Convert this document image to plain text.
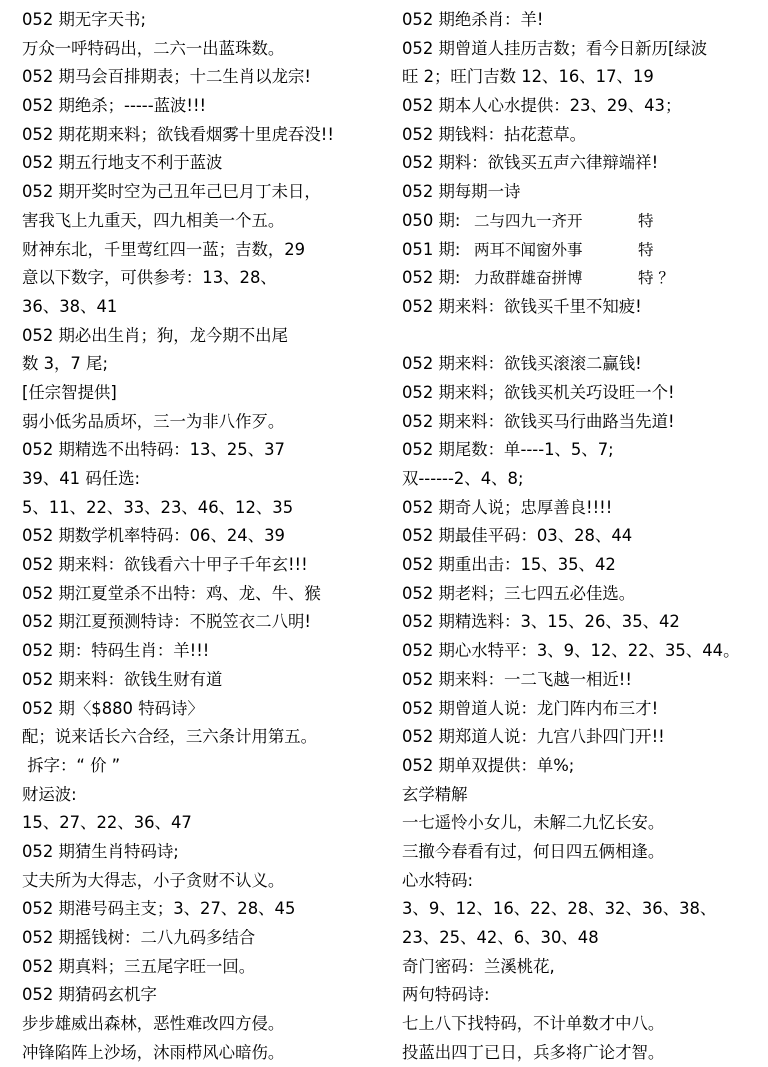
052 期无字天书;
万众一呼特码出，二六一出蓝珠数。
052 期马会百排期表；十二生肖以龙宗!
052 期绝杀；-----蓝波!!!
052 期花期来料；欲钱看烟雾十里虎吞没!!
052 期五行地支不利于蓝波
052 期开奖时空为己丑年己巳月丁未日，
害我飞上九重天，四九相美一个五。
财神东北，千里莺红四一蓝；吉数，29
意以下数字，可供参考：13、28、
36、38、41
052 期必出生肖；狗，龙今期不出尾
数 3，7 尾;
[任宗智提供]
弱小低劣品质坏，三一为非八作歹。
052 期精选不出特码：13、25、37
39、41 码任选:
5、11、22、33、23、46、12、35
052 期数学机率特码：06、24、39
052 期来料：欲钱看六十甲子千年玄!!!
052 期江夏堂杀不出特：鸡、龙、牛、猴
052 期江夏预测特诗：不脱笠衣二八明!
052 期：特码生肖：羊!!!
052 期来料：欲钱生财有道
052 期〈$880 特码诗〉
配；说来话长六合经，三六条计用第五。
拆字：“ 价 ”
财运波:
15、27、22、36、47
052 期猜生肖特码诗;
丈夫所为大得志，小子贪财不认义。
052 期港号码主支；3、27、28、45
052 期摇钱树：二八九码多结合
052 期真料；三五尾字旺一回。
052 期猜码玄机字
步步雄威出森林，恶性难改四方侵。
冲锋陷阵上沙场，沐雨栉风心暗伤。
052 期绝杀肖：羊!
052 期曾道人挂历吉数；看今日新历[绿波
旺 2；旺门吉数 12、16、17、19
052 期本人心水提供：23、29、43；
052 期钱料：拈花惹草。
052 期料：欲钱买五声六律辩端祥!
052 期每期一诗
050 期: 二与四九一齐开	特
051 期: 两耳不闻窗外事	特
052 期: 力敌群雄奋拼博	特 ？
052 期来料：欲钱买千里不知疲!
052 期来料：欲钱买滚滚二赢钱!
052 期来料；欲钱买机关巧设旺一个!
052 期来料：欲钱买马行曲路当先道!
052 期尾数：单----1、5、7;
双------2、4、8;
052 期奇人说；忠厚善良!!!!
052 期最佳平码：03、28、44
052 期重出击：15、35、42
052 期老料；三七四五必佳选。
052 期精选料：3、15、26、35、42
052 期心水特平：3、9、12、22、35、44。
052 期来料：一二飞越一相近!!
052 期曾道人说：龙门阵内布三才!
052 期郑道人说：九宫八卦四门开!!
052 期单双提供：单%;
玄学精解
一七遥怜小女儿，未解二九忆长安。
三撤今春看有过，何日四五俩相逢。
心水特码:
3、9、12、16、22、28、32、36、38、
23、25、42、6、30、48
奇门密码：兰溪桃花,
两句特码诗:
七上八下找特码，不计单数才中八。
投蓝出四丁已日，兵多将广论才智。
